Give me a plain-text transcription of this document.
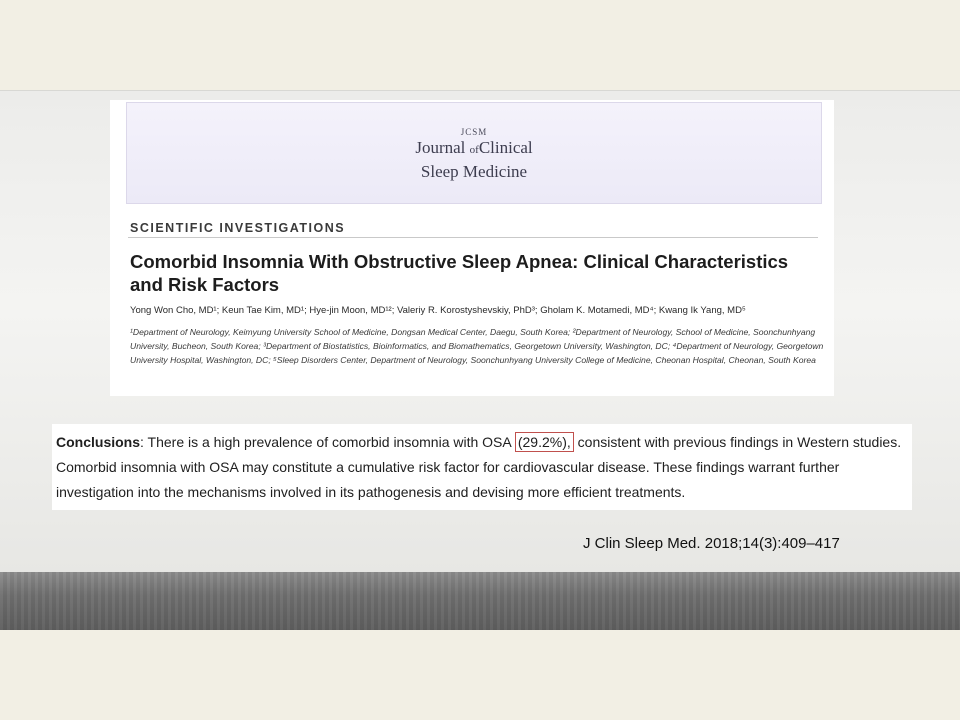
JCSM
Journal ofClinical
Sleep Medicine
SCIENTIFIC INVESTIGATIONS
Comorbid Insomnia With Obstructive Sleep Apnea: Clinical Characteristics and Risk Factors
Yong Won Cho, MD¹; Keun Tae Kim, MD¹; Hye-jin Moon, MD¹²; Valeriy R. Korostyshevskiy, PhD³; Gholam K. Motamedi, MD⁴; Kwang Ik Yang, MD⁵
¹Department of Neurology, Keimyung University School of Medicine, Dongsan Medical Center, Daegu, South Korea; ²Department of Neurology, School of Medicine, Soonchunhyang University, Bucheon, South Korea; ³Department of Biostatistics, Bioinformatics, and Biomathematics, Georgetown University, Washington, DC; ⁴Department of Neurology, Georgetown University Hospital, Washington, DC; ⁵Sleep Disorders Center, Department of Neurology, Soonchunhyang University College of Medicine, Cheonan Hospital, Cheonan, South Korea
Conclusions: There is a high prevalence of comorbid insomnia with OSA (29.2%), consistent with previous findings in Western studies. Comorbid insomnia with OSA may constitute a cumulative risk factor for cardiovascular disease. These findings warrant further investigation into the mechanisms involved in its pathogenesis and devising more efficient treatments.
J Clin Sleep Med. 2018;14(3):409–417
